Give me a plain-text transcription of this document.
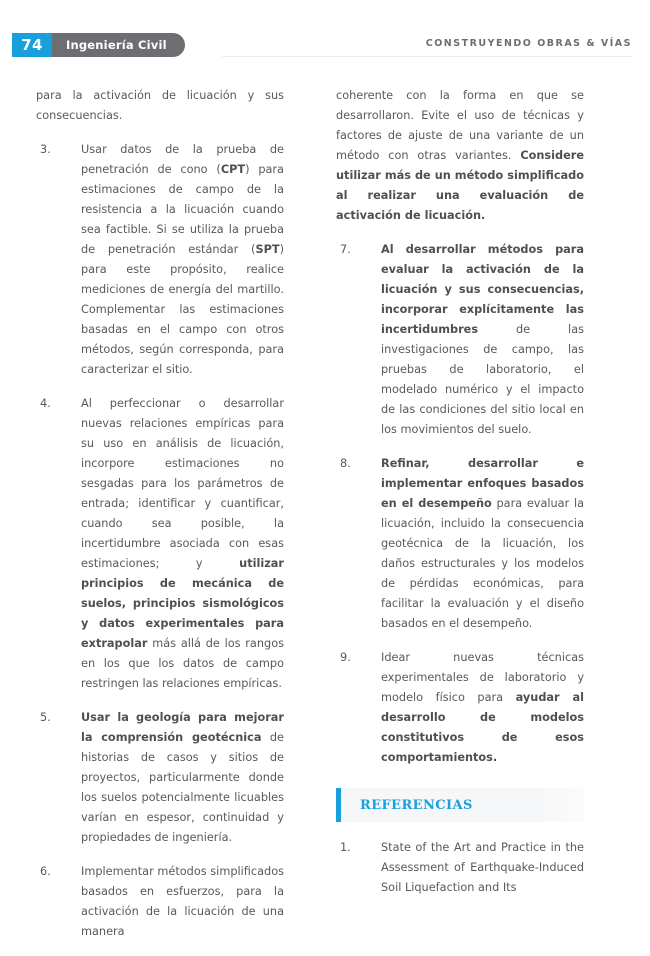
74	Ingeniería Civil	CONSTRUYENDO OBRAS & VÍAS

para la activación de licuación y sus consecuencias.

3.	Usar datos de la prueba de penetración de cono (CPT) para estimaciones de campo de la resistencia a la licuación cuando sea factible. Si se utiliza la prueba de penetración estándar (SPT) para este propósito, realice mediciones de energía del martillo. Complementar las estimaciones basadas en el campo con otros métodos, según corresponda, para caracterizar el sitio.
4.	Al perfeccionar o desarrollar nuevas relaciones empíricas para su uso en análisis de licuación, incorpore estimaciones no sesgadas para los parámetros de entrada; identificar y cuantificar, cuando sea posible, la incertidumbre asociada con esas estimaciones; y utilizar principios de mecánica de suelos, principios sismológicos y datos experimentales para extrapolar más allá de los rangos en los que los datos de campo restringen las relaciones empíricas.
5.	Usar la geología para mejorar la comprensión geotécnica de historias de casos y sitios de proyectos, particularmente donde los suelos potencialmente licuables varían en espesor, continuidad y propiedades de ingeniería.
6.	Implementar métodos simplificados basados en esfuerzos, para la activación de la licuación de una manera

coherente con la forma en que se desarrollaron. Evite el uso de técnicas y factores de ajuste de una variante de un método con otras variantes. Considere utilizar más de un método simplificado al realizar una evaluación de activación de licuación.

7.	Al desarrollar métodos para evaluar la activación de la licuación y sus consecuencias, incorporar explícitamente las incertidumbres de las investigaciones de campo, las pruebas de laboratorio, el modelado numérico y el impacto de las condiciones del sitio local en los movimientos del suelo.
8.	Refinar, desarrollar e implementar enfoques basados en el desempeño para evaluar la licuación, incluido la consecuencia geotécnica de la licuación, los daños estructurales y los modelos de pérdidas económicas, para facilitar la evaluación y el diseño basados en el desempeño.
9.	Idear nuevas técnicas experimentales de laboratorio y modelo físico para ayudar al desarrollo de modelos constitutivos de esos comportamientos.
REFERENCIAS
1.	State of the Art and Practice in the Assessment of Earthquake-Induced Soil Liquefaction and Its
